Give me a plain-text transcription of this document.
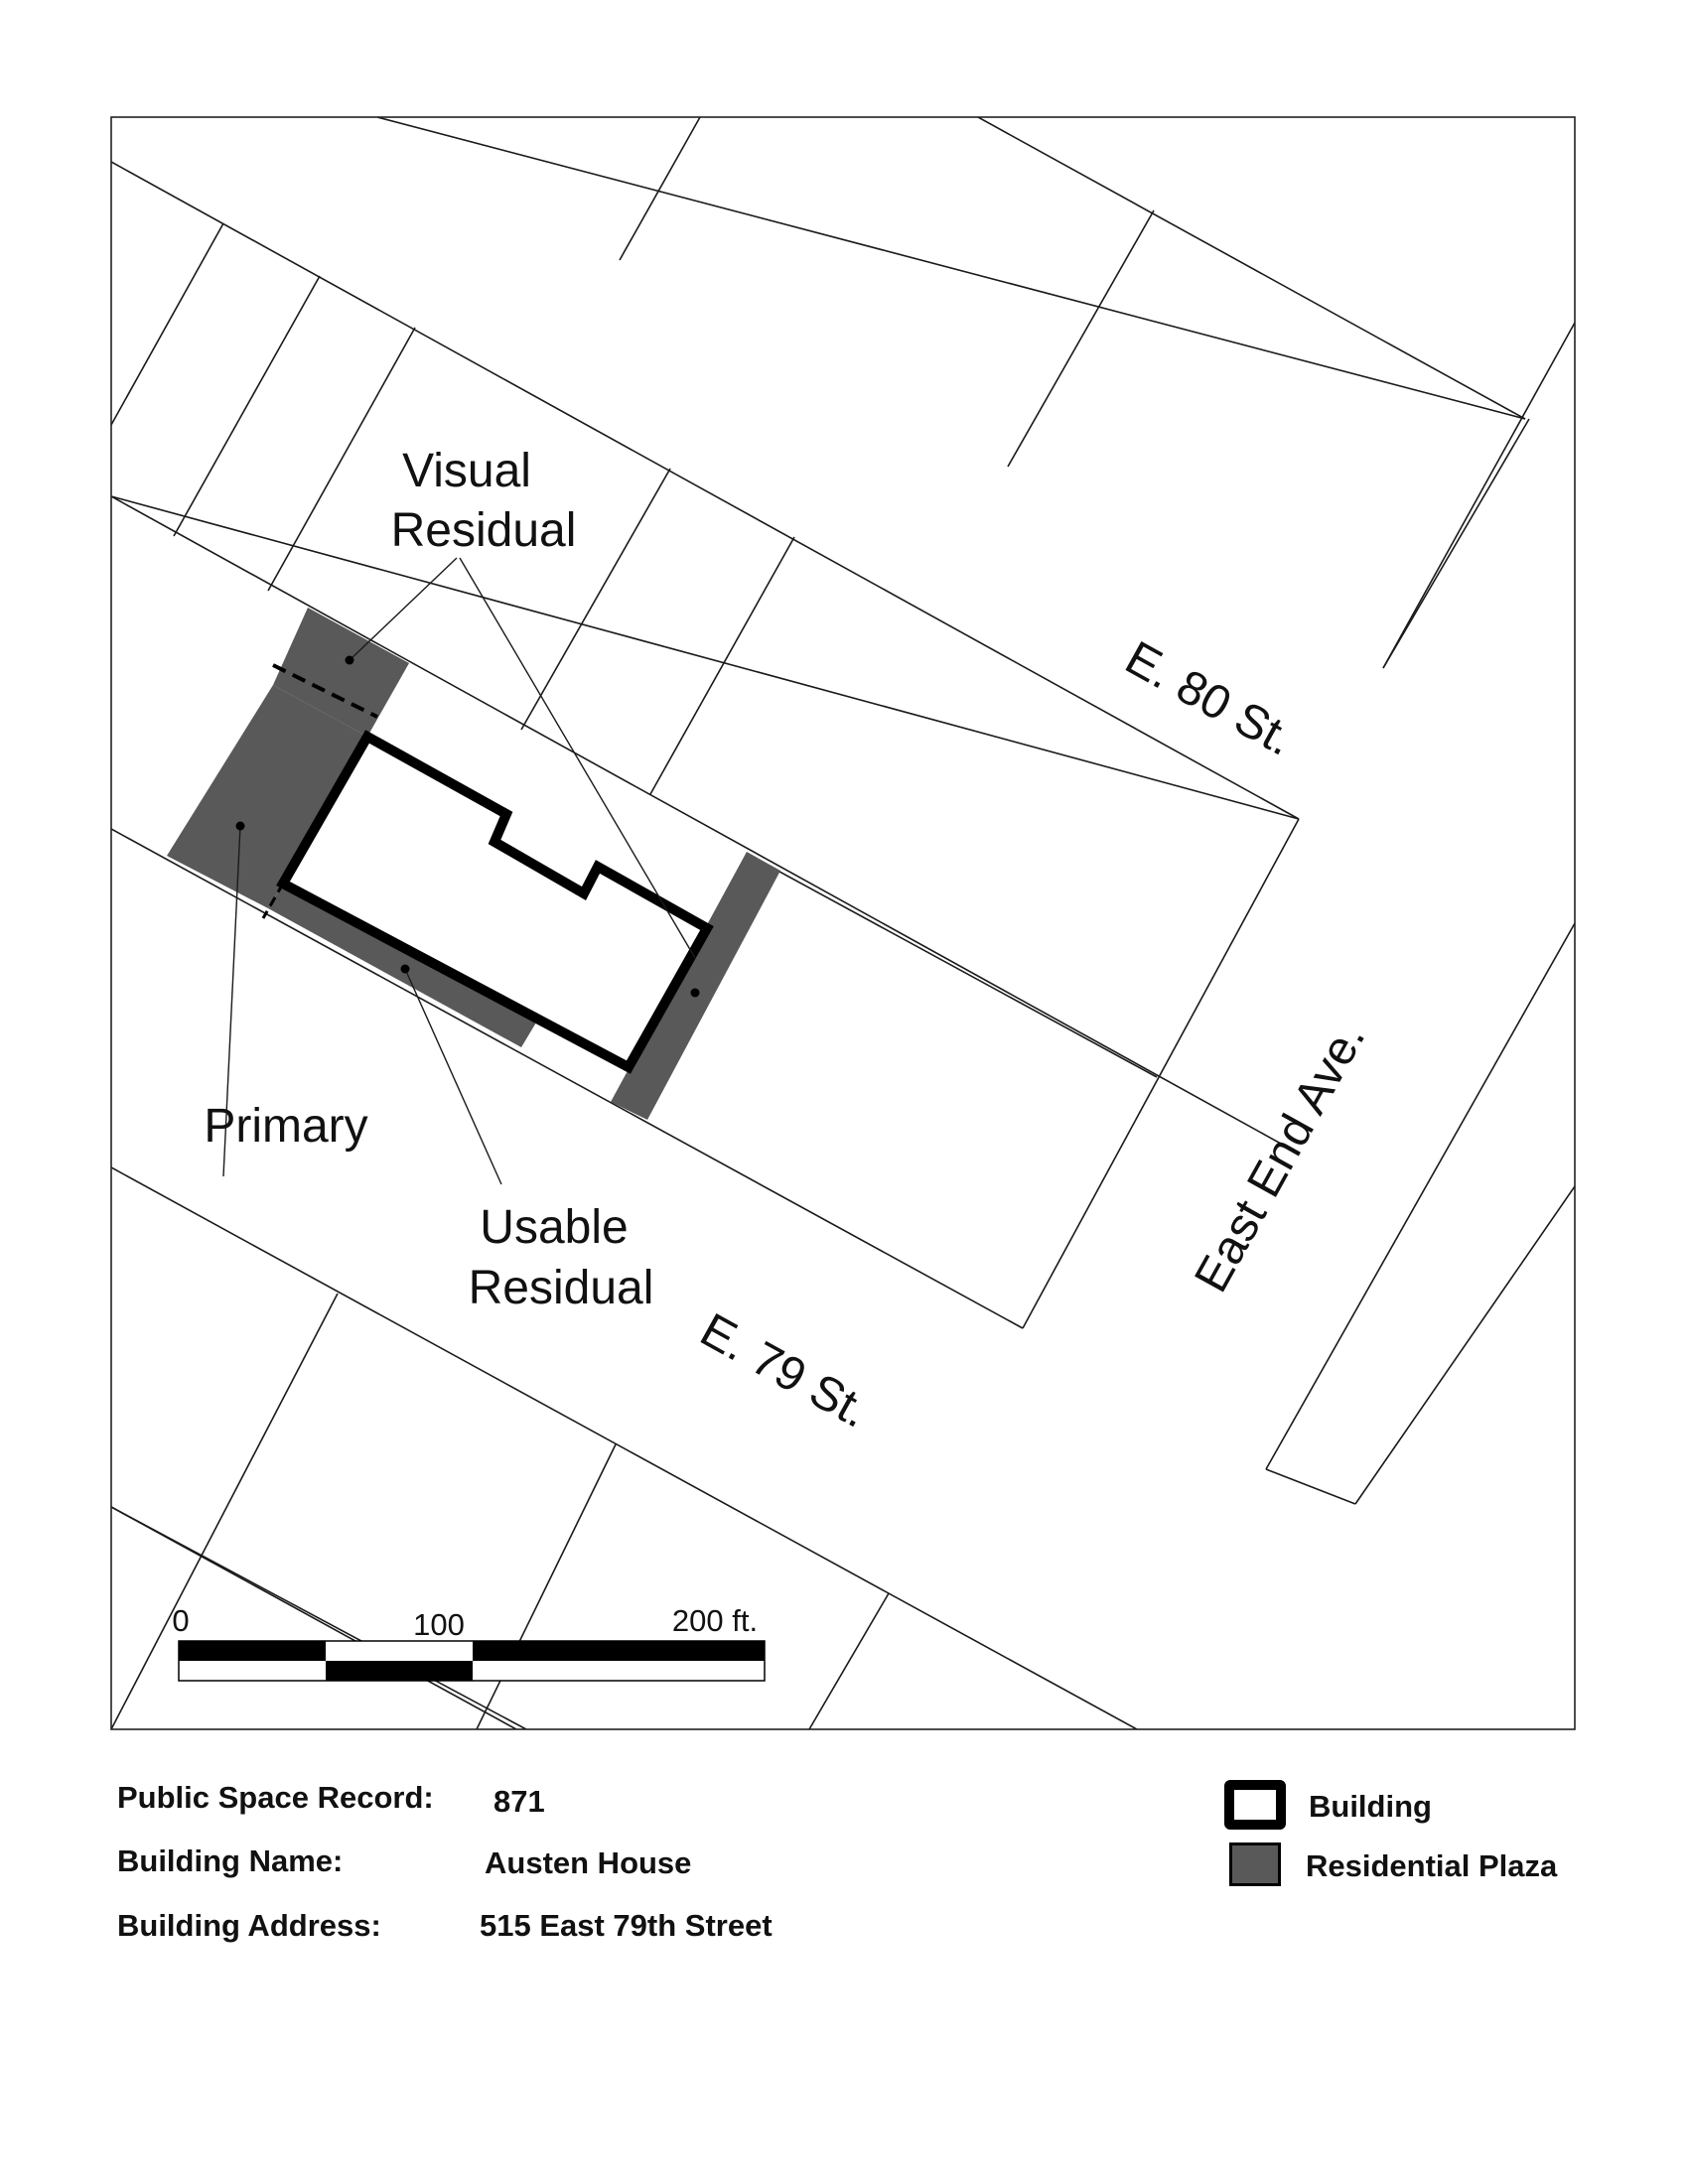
Visual
Residual
Primary
Usable
Residual
E. 80 St.
E. 79 St.
East End Ave.
0	100	200 ft.
Public Space Record: 871
Building Name:	Austen House
Building Address:	515 East 79th Street
Building
Residential Plaza
